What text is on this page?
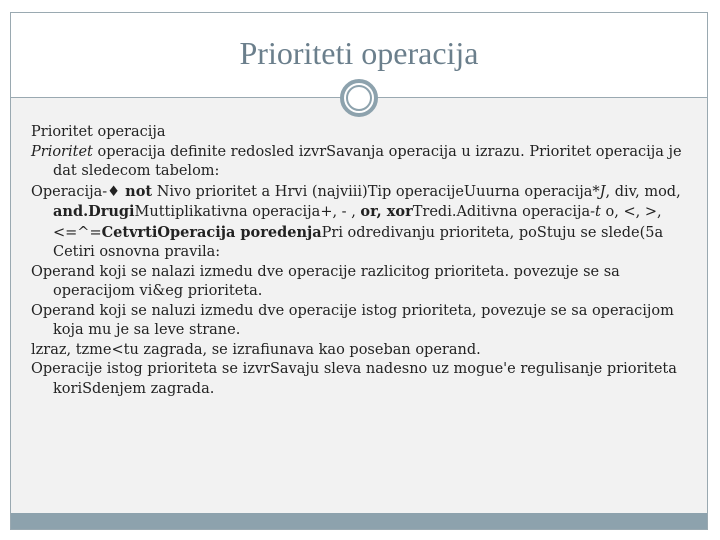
Prioriteti operacija

Prioritet operacija

Prioritet operacija definite redosled izvrSavanja operacija u izrazu. Prioritet operacija je dat sledecom tabelom:

Operacija-♦ not Nivo prioritet a Hrvi (najviii)Tip operacijeUuurna operacija*J, div, mod, and.DrugiMuttiplikativna operacija+, - , or, xorTredi.Aditivna operacija-t o, <, >, <=^=CetvrtiOperacija poredenjaPri odredivanju prioriteta, poStuju se slede(5a Cetiri osnovna pravila:

Operand koji se nalazi izmedu dve operacije razlicitog prioriteta. povezuje se sa operacijom vi&eg prioriteta.

Operand koji se naluzi izmedu dve operacije istog prioriteta, povezuje se sa operacijom koja mu je sa leve strane.

lzraz, tzme<tu zagrada, se izrafiunava kao poseban operand.

Operacije istog prioriteta se izvrSavaju sleva nadesno uz mogue'e regulisanje prioriteta koriSdenjem zagrada.
